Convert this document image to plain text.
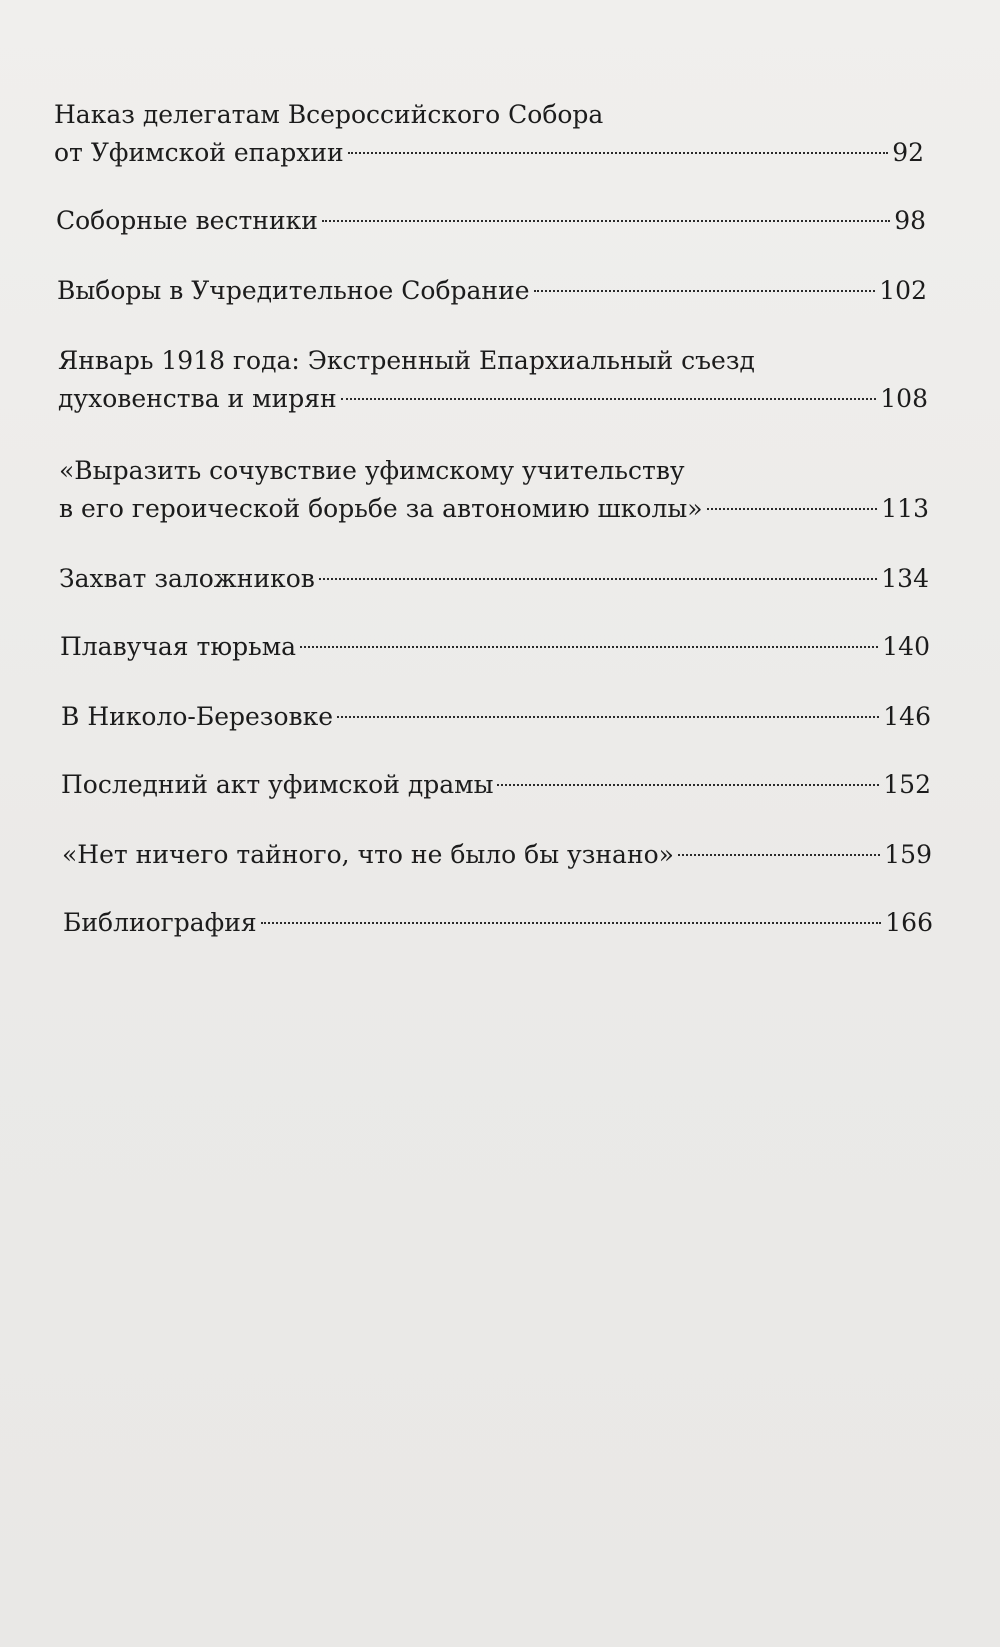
Наказ делегатам Всероссийского Собора
от Уфимской епархии	92
Соборные вестники	98
Выборы в Учредительное Собрание	102
Январь 1918 года: Экстренный Епархиальный съезд
духовенства и мирян	108
«Выразить сочувствие уфимскому учительству
в его героической борьбе за автономию школы»	113
Захват заложников	134
Плавучая тюрьма	140
В Николо-Березовке	146
Последний акт уфимской драмы	152
«Нет ничего тайного, что не было бы узнано»	159
Библиография	166
